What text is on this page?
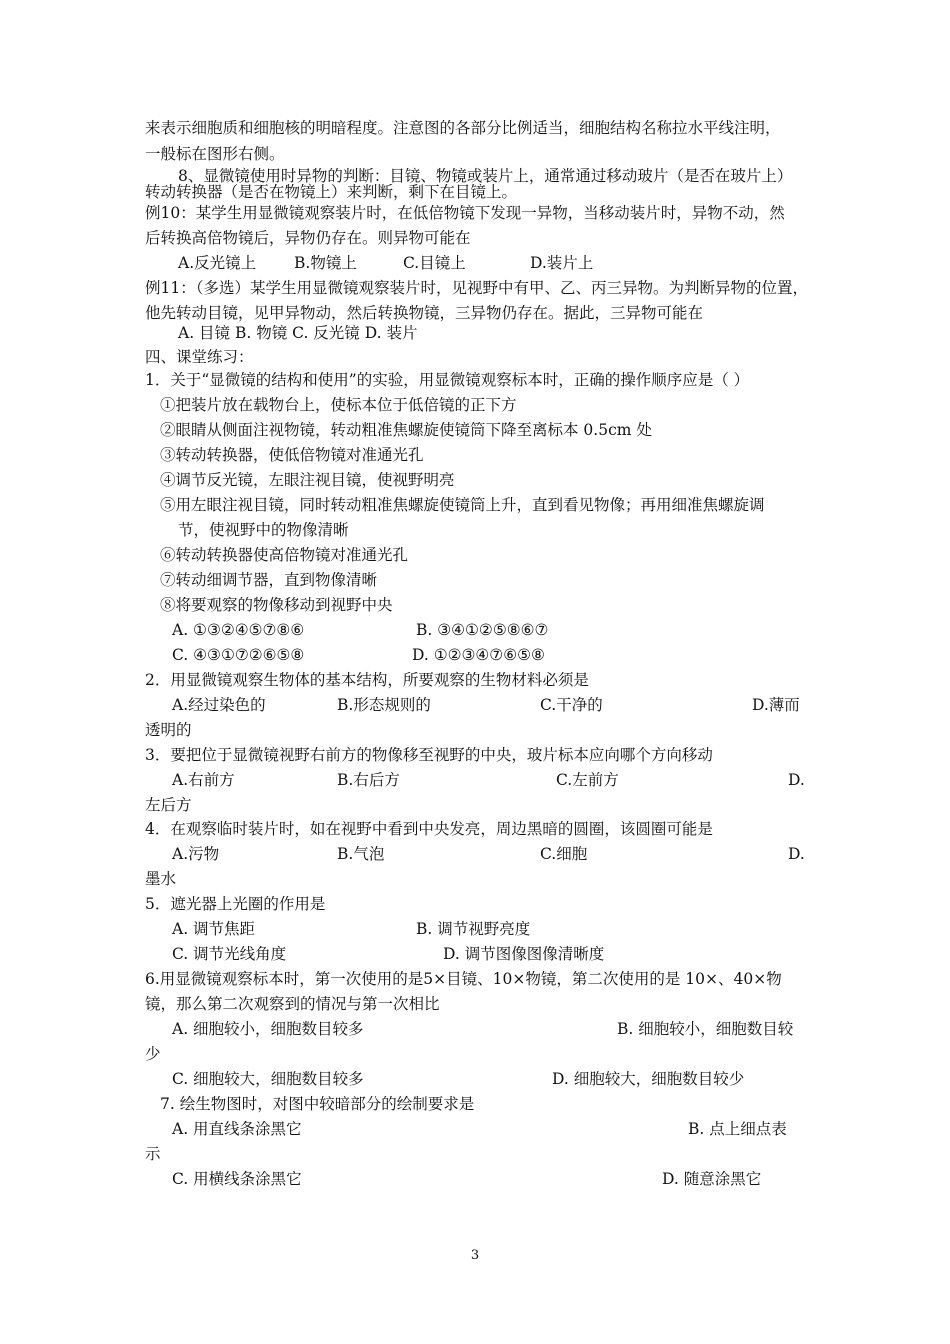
来表示细胞质和细胞核的明暗程度。注意图的各部分比例适当，细胞结构名称拉水平线注明，
一般标在图形右侧。
8、显微镜使用时异物的判断：目镜、物镜或装片上，通常通过移动玻片（是否在玻片上）
转动转换器（是否在物镜上）来判断，剩下在目镜上。
例10：某学生用显微镜观察装片时，在低倍物镜下发现一异物，当移动装片时，异物不动，然
后转换高倍物镜后，异物仍存在。则异物可能在
A.反光镜上 B.物镜上	C.目镜上	D.装片上
例11：（多选）某学生用显微镜观察装片时，见视野中有甲、乙、丙三异物。为判断异物的位置，
他先转动目镜，见甲异物动，然后转换物镜，三异物仍存在。据此，三异物可能在
A. 目镜 B. 物镜 C. 反光镜 D. 装片
四、课堂练习：
1．关于“显微镜的结构和使用”的实验，用显微镜观察标本时，正确的操作顺序应是（ ）
①把装片放在载物台上，使标本位于低倍镜的正下方
②眼睛从侧面注视物镜，转动粗准焦螺旋使镜筒下降至离标本 0.5cm 处
③转动转换器，使低倍物镜对准通光孔
④调节反光镜，左眼注视目镜，使视野明亮
⑤用左眼注视目镜，同时转动粗准焦螺旋使镜筒上升，直到看见物像；再用细准焦螺旋调
节，使视野中的物像清晰
⑥转动转换器使高倍物镜对准通光孔
⑦转动细调节器，直到物像清晰
⑧将要观察的物像移动到视野中央
A. ①③②④⑤⑦⑧⑥	B. ③④①②⑤⑧⑥⑦
C. ④③①⑦②⑥⑤⑧	D. ①②③④⑦⑥⑤⑧
2．用显微镜观察生物体的基本结构，所要观察的生物材料必须是
A.经过染色的	B.形态规则的	C.干净的	D.薄而
透明的
3．要把位于显微镜视野右前方的物像移至视野的中央，玻片标本应向哪个方向移动
A.右前方	B.右后方	C.左前方	D.
左后方
4．在观察临时装片时，如在视野中看到中央发亮，周边黑暗的圆圈，该圆圈可能是
A.污物	B.气泡	C.细胞	D.
墨水
5．遮光器上光圈的作用是
A. 调节焦距	B. 调节视野亮度
C. 调节光线角度	D. 调节图像图像清晰度
6.用显微镜观察标本时，第一次使用的是5×目镜、10×物镜，第二次使用的是 10×、40×物
镜，那么第二次观察到的情况与第一次相比
A. 细胞较小，细胞数目较多	B. 细胞较小，细胞数目较
少
C. 细胞较大，细胞数目较多	D. 细胞较大，细胞数目较少
7. 绘生物图时，对图中较暗部分的绘制要求是
A. 用直线条涂黑它	B. 点上细点表
示
C. 用横线条涂黑它	D. 随意涂黑它
3
